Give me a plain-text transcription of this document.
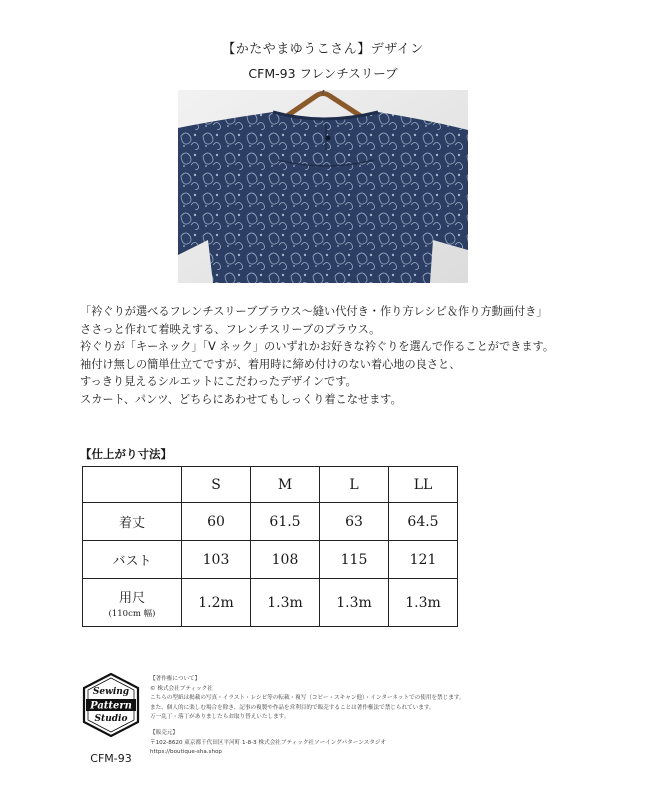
【かたやまゆうこさん】デザイン
CFM-93 フレンチスリーブ
「衿ぐりが選べるフレンチスリーブブラウス〜縫い代付き・作り方レシピ＆作り方動画付き」
ささっと作れて着映えする、フレンチスリーブのブラウス。
衿ぐりが「キーネック」「V ネック」のいずれかお好きな衿ぐりを選んで作ることができます。
袖付け無しの簡単仕立てですが、着用時に締め付けのない着心地の良さと、
すっきり見えるシルエットにこだわったデザインです。
スカート、パンツ、どちらにあわせてもしっくり着こなせます。
【仕上がり寸法】
	S	M	L	LL
着丈	60	61.5	63	64.5
バスト	103	108	115	121
用尺
(110cm 幅)	1.2m	1.3m	1.3m	1.3m
Sewing
Pattern
Studio
CFM-93
【著作権について】
© 株式会社ブティック社
こちらの型紙は掲載の写真・イラスト・レシピ等の転載・複写（コピー・スキャン他）・インターネットでの使用を禁じます。
また、個人的に楽しむ場合を除き、記事の複製や作品を営利目的で販売することは著作権法で禁じられています。
万一乱丁・落丁がありましたらお取り替えいたします。
【販売元】
〒102-8620 東京都千代田区平河町 1-8-3 株式会社ブティック社ソーイングパターンスタジオ
https://boutique-sha.shop
